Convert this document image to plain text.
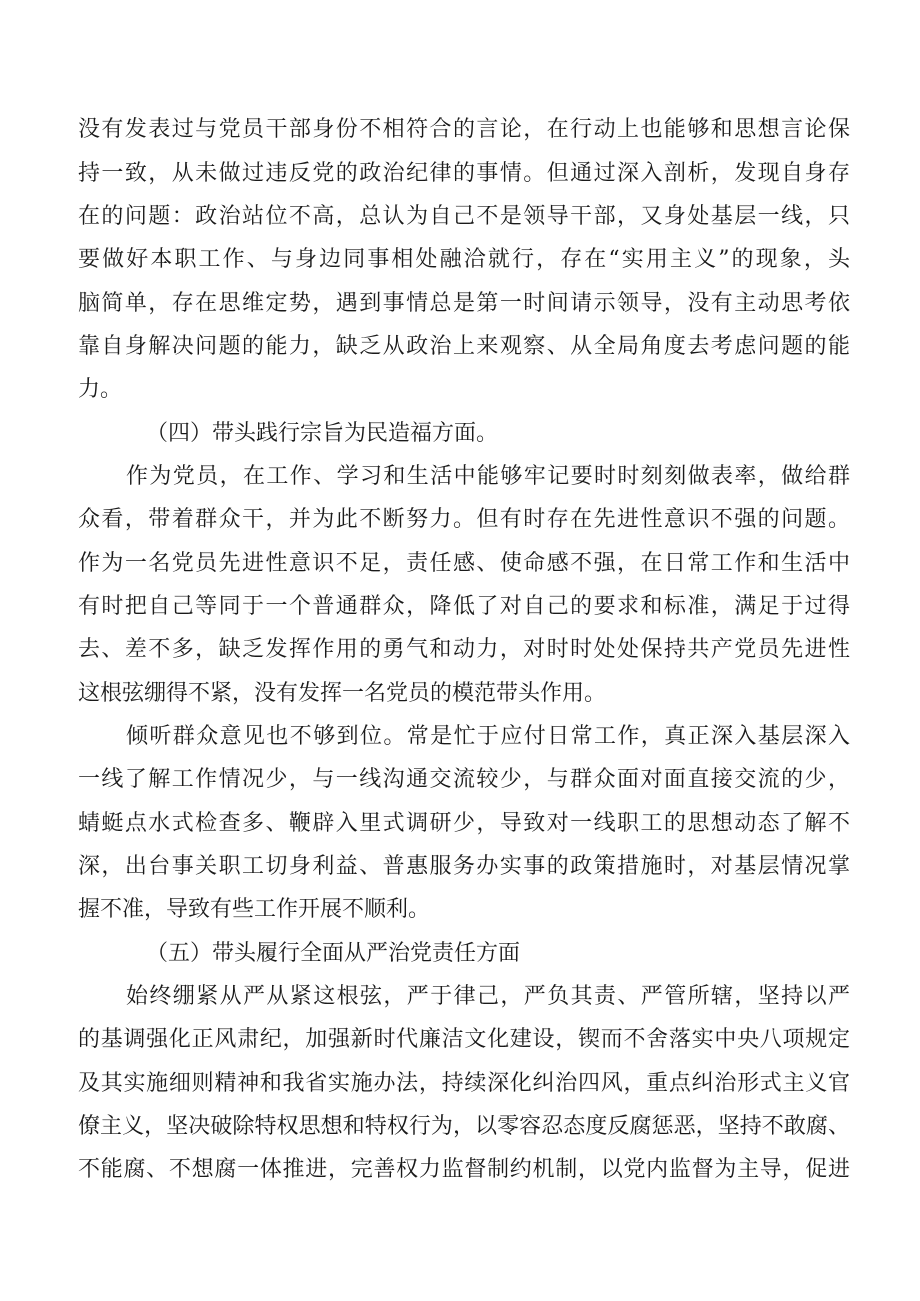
没有发表过与党员干部身份不相符合的言论，在行动上也能够和思想言论保
持一致，从未做过违反党的政治纪律的事情。但通过深入剖析，发现自身存
在的问题：政治站位不高，总认为自己不是领导干部，又身处基层一线，只
要做好本职工作、与身边同事相处融洽就行，存在“实用主义”的现象，头
脑简单，存在思维定势，遇到事情总是第一时间请示领导，没有主动思考依
靠自身解决问题的能力，缺乏从政治上来观察、从全局角度去考虑问题的能
力。
（四）带头践行宗旨为民造福方面。
作为党员，在工作、学习和生活中能够牢记要时时刻刻做表率，做给群
众看，带着群众干，并为此不断努力。但有时存在先进性意识不强的问题。
作为一名党员先进性意识不足，责任感、使命感不强，在日常工作和生活中
有时把自己等同于一个普通群众，降低了对自己的要求和标准，满足于过得
去、差不多，缺乏发挥作用的勇气和动力，对时时处处保持共产党员先进性
这根弦绷得不紧，没有发挥一名党员的模范带头作用。
倾听群众意见也不够到位。常是忙于应付日常工作，真正深入基层深入
一线了解工作情况少，与一线沟通交流较少，与群众面对面直接交流的少，
蜻蜓点水式检查多、鞭辟入里式调研少，导致对一线职工的思想动态了解不
深，出台事关职工切身利益、普惠服务办实事的政策措施时，对基层情况掌
握不准，导致有些工作开展不顺利。
（五）带头履行全面从严治党责任方面
始终绷紧从严从紧这根弦，严于律己，严负其责、严管所辖，坚持以严
的基调强化正风肃纪，加强新时代廉洁文化建设，锲而不舍落实中央八项规定
及其实施细则精神和我省实施办法，持续深化纠治四风，重点纠治形式主义官
僚主义，坚决破除特权思想和特权行为，以零容忍态度反腐惩恶，坚持不敢腐、
不能腐、不想腐一体推进，完善权力监督制约机制，以党内监督为主导，促进
